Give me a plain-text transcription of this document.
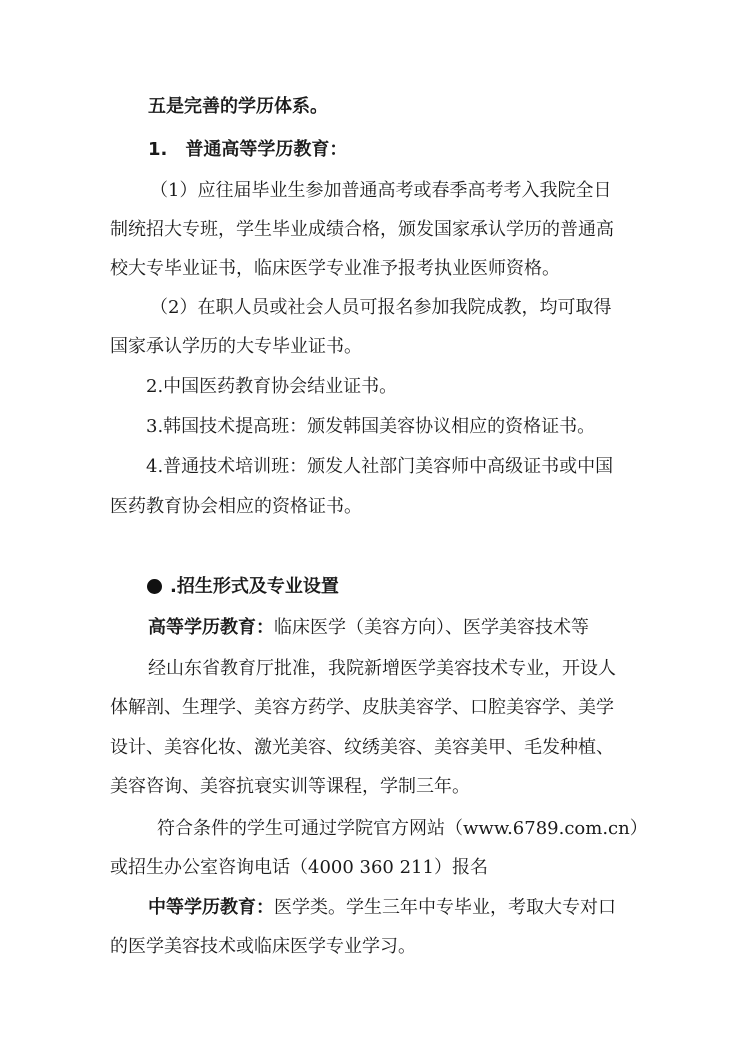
五是完善的学历体系。
1.　普通高等学历教育：
（1）应往届毕业生参加普通高考或春季高考考入我院全日
制统招大专班，学生毕业成绩合格，颁发国家承认学历的普通高
校大专毕业证书，临床医学专业准予报考执业医师资格。
（2）在职人员或社会人员可报名参加我院成教，均可取得
国家承认学历的大专毕业证书。
2.中国医药教育协会结业证书。
3.韩国技术提高班：颁发韩国美容协议相应的资格证书。
4.普通技术培训班：颁发人社部门美容师中高级证书或中国
医药教育协会相应的资格证书。
.招生形式及专业设置
高等学历教育：临床医学（美容方向）、医学美容技术等
经山东省教育厅批准，我院新增医学美容技术专业，开设人
体解剖、生理学、美容方药学、皮肤美容学、口腔美容学、美学
设计、美容化妆、激光美容、纹绣美容、美容美甲、毛发种植、
美容咨询、美容抗衰实训等课程，学制三年。
符合条件的学生可通过学院官方网站（www.6789.com.cn）
或招生办公室咨询电话（4000 360 211）报名
中等学历教育：医学类。学生三年中专毕业，考取大专对口
的医学美容技术或临床医学专业学习。
